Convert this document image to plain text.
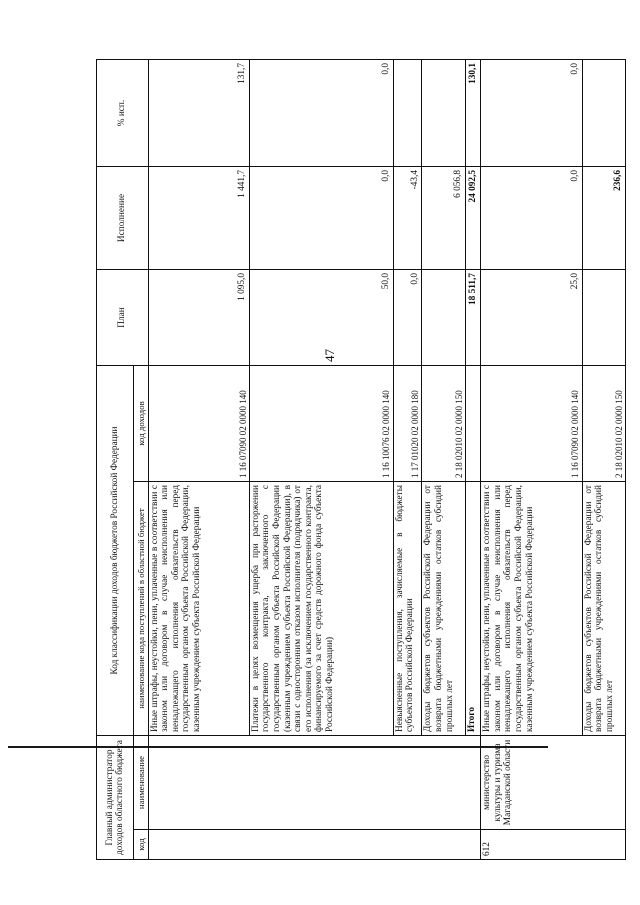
47
Главный администратор доходов областного бюджета		Код классификации доходов бюджетов Российской Федерации		План	Исполнение	% исп.
код	наименование	наименование кода поступлений в областной бюджет	код доходов			
		Иные штрафы, неустойки, пени, уплаченные в соответствии с законом или договором в случае неисполнения или ненадлежащего исполнения обязательств перед государственным органом субъекта Российской Федерации, казенным учреждением субъекта Российской Федерации	1 16 07090 02 0000 140	1 095,0	1 441,7	131,7
		Платежи в целях возмещения ущерба при расторжении государственного контракта, заключенного с государственным органом субъекта Российской Федерации (казенным учреждением субъекта Российской Федерации), в связи с односторонним отказом исполнителя (подрядчика) от его исполнения (за исключением государственного контракта, финансируемого за счет средств дорожного фонда субъекта Российской Федерации)	1 16 10076 02 0000 140	50,0	0,0	0,0
		Невыясненные поступления, зачисляемые в бюджеты субъектов Российской Федерации	1 17 01020 02 0000 180	0,0	-43,4	
		Доходы бюджетов субъектов Российской Федерации от возврата бюджетными учреждениями остатков субсидий прошлых лет	2 18 02010 02 0000 150		6 056,8	
		Итого		18 511,7	24 092,5	130,1
612	министерство культуры и туризма Магаданской области	Иные штрафы, неустойки, пени, уплаченные в соответствии с законом или договором в случае неисполнения или ненадлежащего исполнения обязательств перед государственным органом субъекта Российской Федерации, казенным учреждением субъекта Российской Федерации	1 16 07090 02 0000 140	25,0	0,0	0,0
		Доходы бюджетов субъектов Российской Федерации от возврата бюджетными учреждениями остатков субсидий прошлых лет	2 18 02010 02 0000 150		236,6	
